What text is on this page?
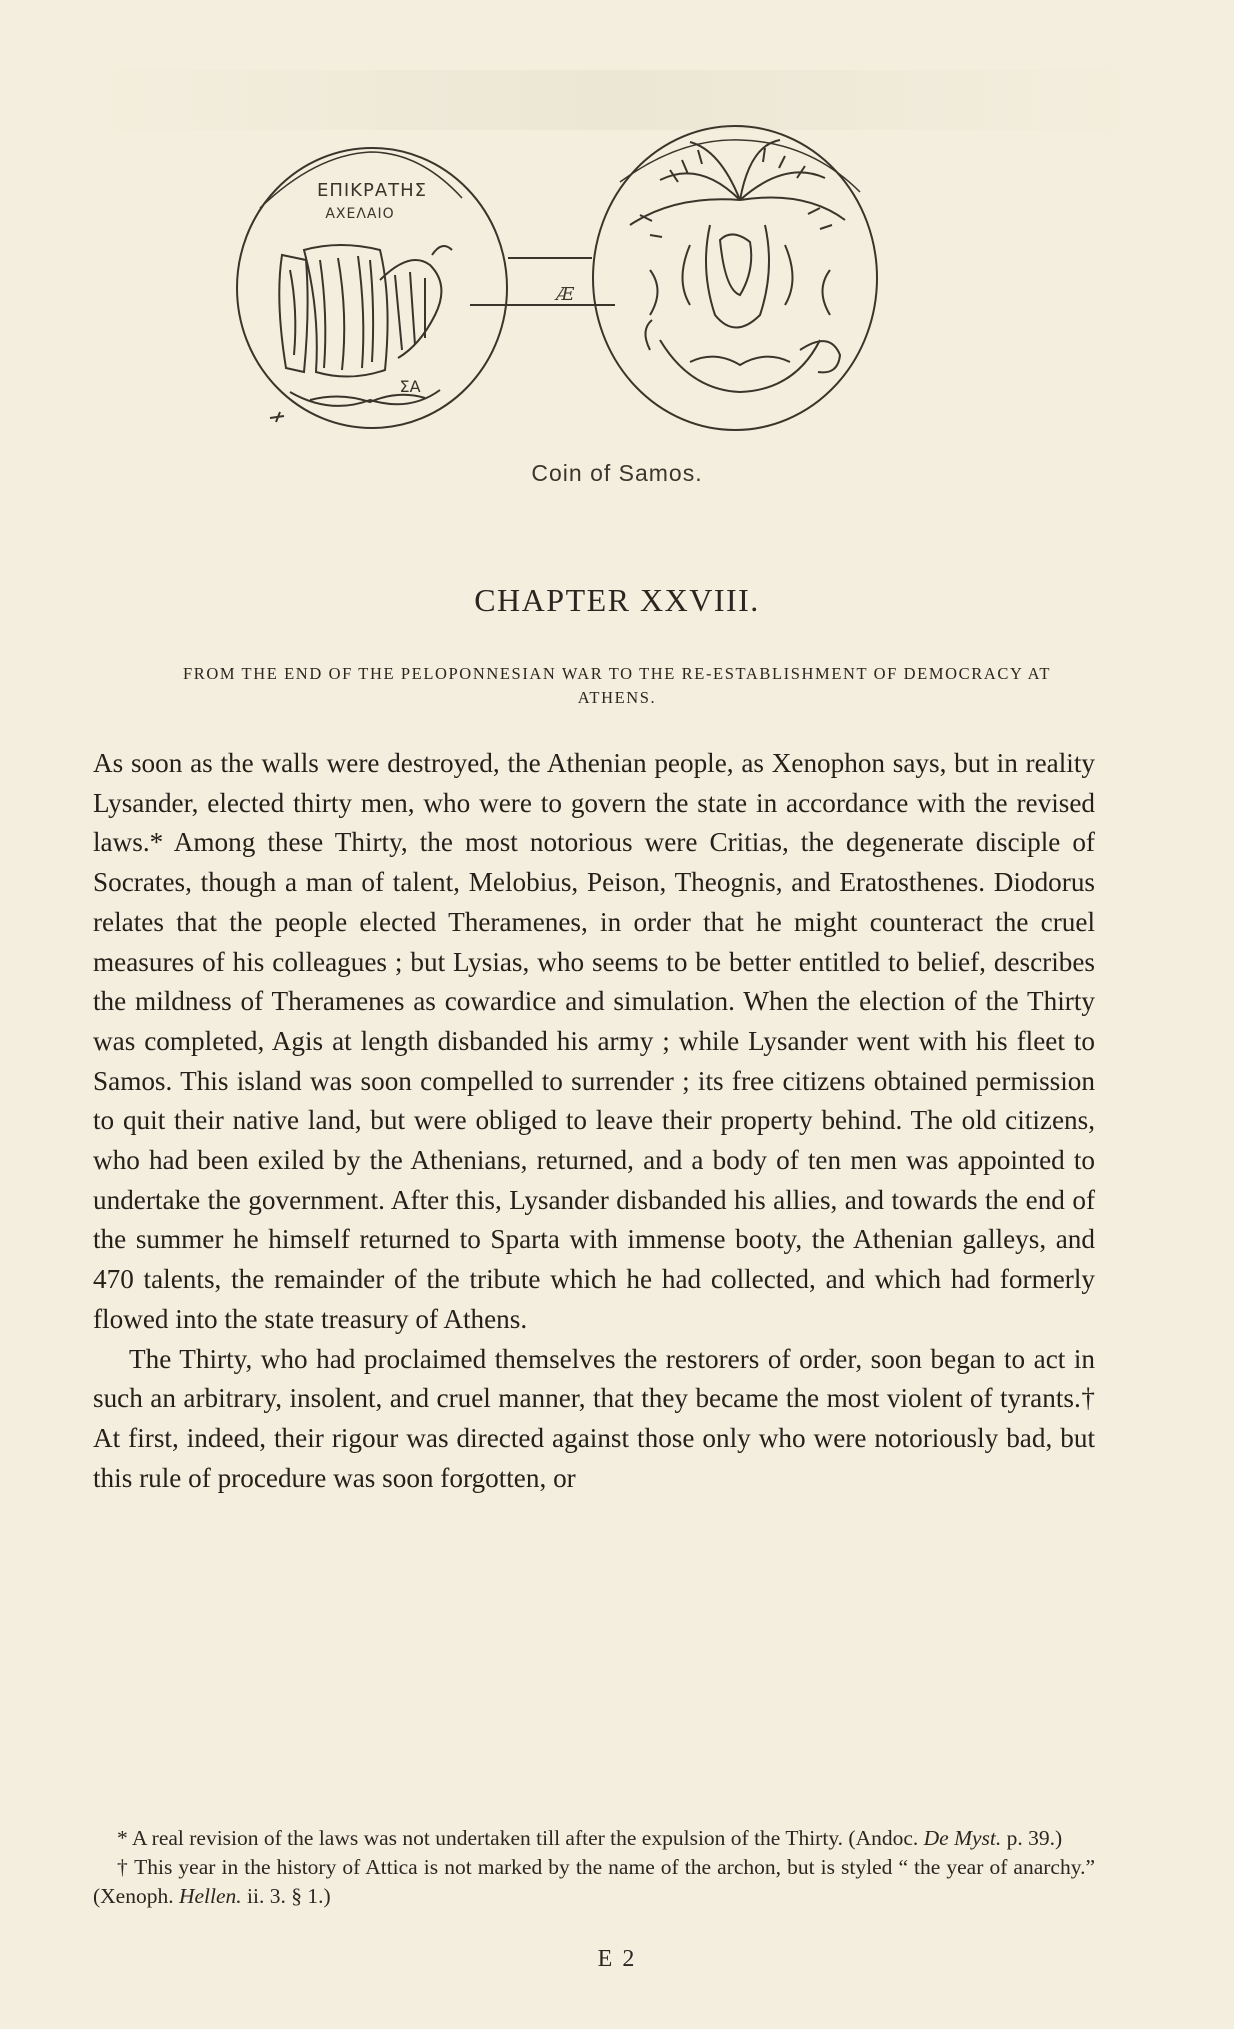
ΕΠΙΚΡΑΤΗΣ
ΑΧΕΛΑΙΟ
ΣΑ
Æ
Coin of Samos.
CHAPTER XXVIII.
FROM THE END OF THE PELOPONNESIAN WAR TO THE RE-ESTABLISHMENT OF DEMOCRACY AT ATHENS.

As soon as the walls were destroyed, the Athenian people, as Xenophon says, but in reality Lysander, elected thirty men, who were to govern the state in accordance with the revised laws.* Among these Thirty, the most notorious were Critias, the degenerate disciple of Socrates, though a man of talent, Melobius, Peison, Theognis, and Eratosthenes. Diodorus relates that the people elected Theramenes, in order that he might counteract the cruel measures of his colleagues ; but Lysias, who seems to be better entitled to belief, describes the mildness of Theramenes as cowardice and simulation. When the election of the Thirty was completed, Agis at length disbanded his army ; while Lysander went with his fleet to Samos. This island was soon compelled to surrender ; its free citizens obtained permission to quit their native land, but were obliged to leave their property behind. The old citizens, who had been exiled by the Athenians, returned, and a body of ten men was appointed to undertake the government. After this, Lysander disbanded his allies, and towards the end of the summer he himself returned to Sparta with immense booty, the Athenian galleys, and 470 talents, the remainder of the tribute which he had collected, and which had formerly flowed into the state treasury of Athens.

The Thirty, who had proclaimed themselves the restorers of order, soon began to act in such an arbitrary, insolent, and cruel manner, that they became the most violent of tyrants.† At first, indeed, their rigour was directed against those only who were notoriously bad, but this rule of procedure was soon forgotten, or

* A real revision of the laws was not undertaken till after the expulsion of the Thirty. (Andoc. De Myst. p. 39.)

† This year in the history of Attica is not marked by the name of the archon, but is styled “ the year of anarchy.” (Xenoph. Hellen. ii. 3. § 1.)

E 2
